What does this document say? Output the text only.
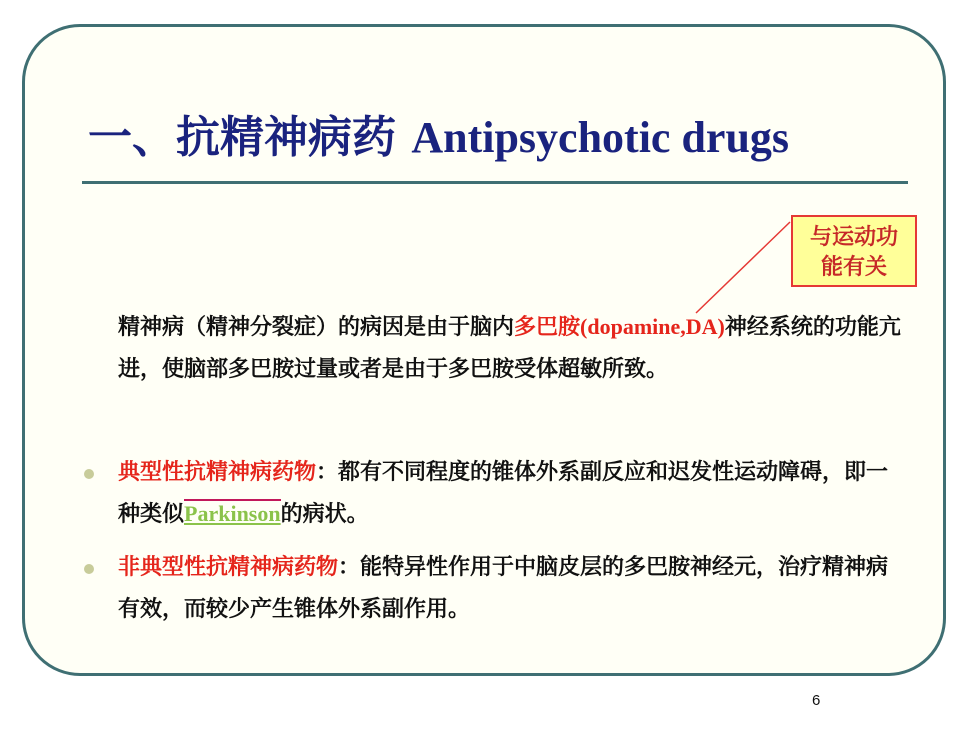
一、抗精神病药 Antipsychotic drugs
与运动功
能有关
精神病（精神分裂症）的病因是由于脑内多巴胺(dopamine,DA)神经系统的功能亢进，使脑部多巴胺过量或者是由于多巴胺受体超敏所致。
典型性抗精神病药物：都有不同程度的锥体外系副反应和迟发性运动障碍，即一种类似Parkinson的病状。
非典型性抗精神病药物：能特异性作用于中脑皮层的多巴胺神经元，治疗精神病有效，而较少产生锥体外系副作用。
6
